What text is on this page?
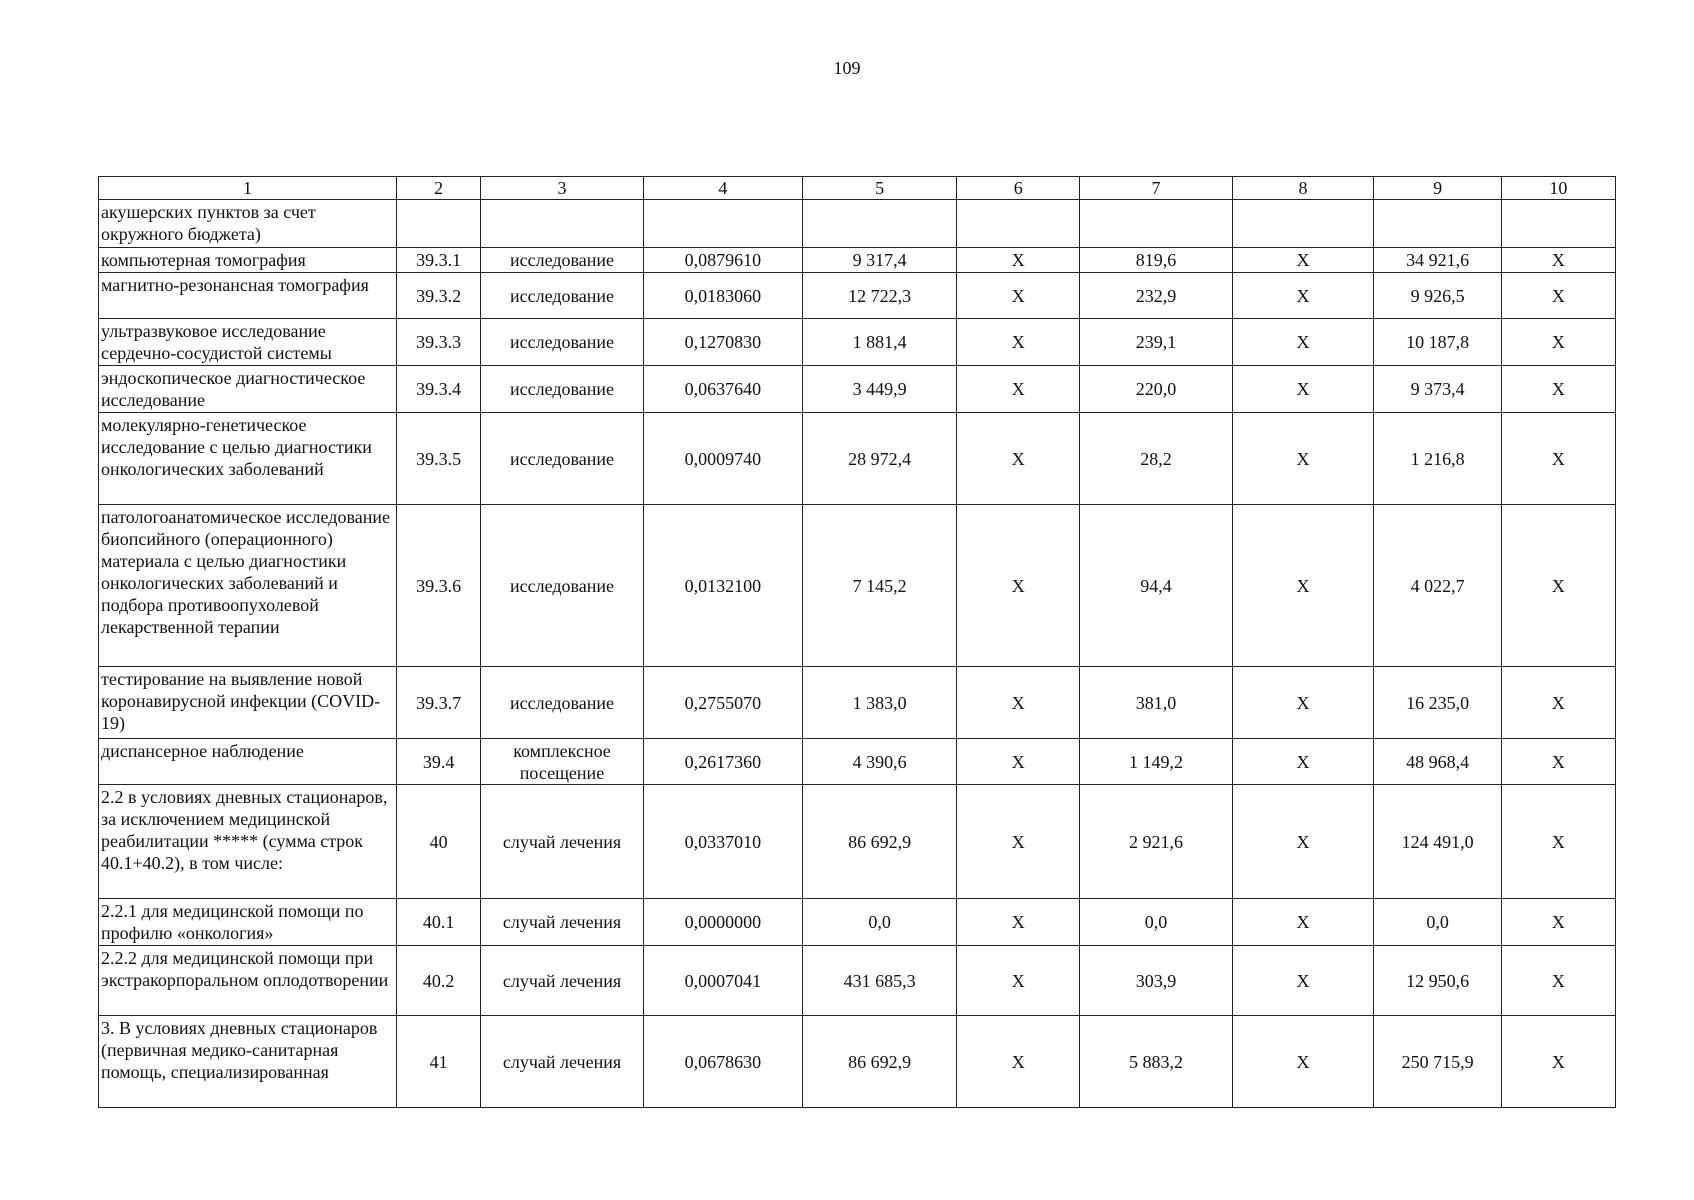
109
1	2	3	4	5	6	7	8	9	10
акушерских пунктов за счет окружного бюджета)									
компьютерная томография	39.3.1	исследование	0,0879610	9 317,4	Х	819,6	Х	34 921,6	Х
магнитно-резонансная томография	39.3.2	исследование	0,0183060	12 722,3	Х	232,9	Х	9 926,5	Х
ультразвуковое исследование сердечно-сосудистой системы	39.3.3	исследование	0,1270830	1 881,4	Х	239,1	Х	10 187,8	Х
эндоскопическое диагностическое исследование	39.3.4	исследование	0,0637640	3 449,9	Х	220,0	Х	9 373,4	Х
молекулярно-генетическое исследование с целью диагностики онкологических заболеваний	39.3.5	исследование	0,0009740	28 972,4	Х	28,2	Х	1 216,8	Х
патологоанатомическое исследование биопсийного (операционного) материала с целью диагностики онкологических заболеваний и подбора противоопухолевой лекарственной терапии	39.3.6	исследование	0,0132100	7 145,2	Х	94,4	Х	4 022,7	Х
тестирование на выявление новой коронавирусной инфекции (COVID-19)	39.3.7	исследование	0,2755070	1 383,0	Х	381,0	Х	16 235,0	Х
диспансерное наблюдение	39.4	комплексное посещение	0,2617360	4 390,6	Х	1 149,2	Х	48 968,4	Х
2.2 в условиях дневных стационаров, за исключением медицинской реабилитации ***** (сумма строк 40.1+40.2), в том числе:	40	случай лечения	0,0337010	86 692,9	Х	2 921,6	Х	124 491,0	Х
2.2.1 для медицинской помощи по профилю «онкология»	40.1	случай лечения	0,0000000	0,0	Х	0,0	Х	0,0	Х
2.2.2 для медицинской помощи при экстракорпоральном оплодотворении	40.2	случай лечения	0,0007041	431 685,3	Х	303,9	Х	12 950,6	Х
3. В условиях дневных стационаров (первичная медико-санитарная помощь, специализированная	41	случай лечения	0,0678630	86 692,9	Х	5 883,2	Х	250 715,9	Х
